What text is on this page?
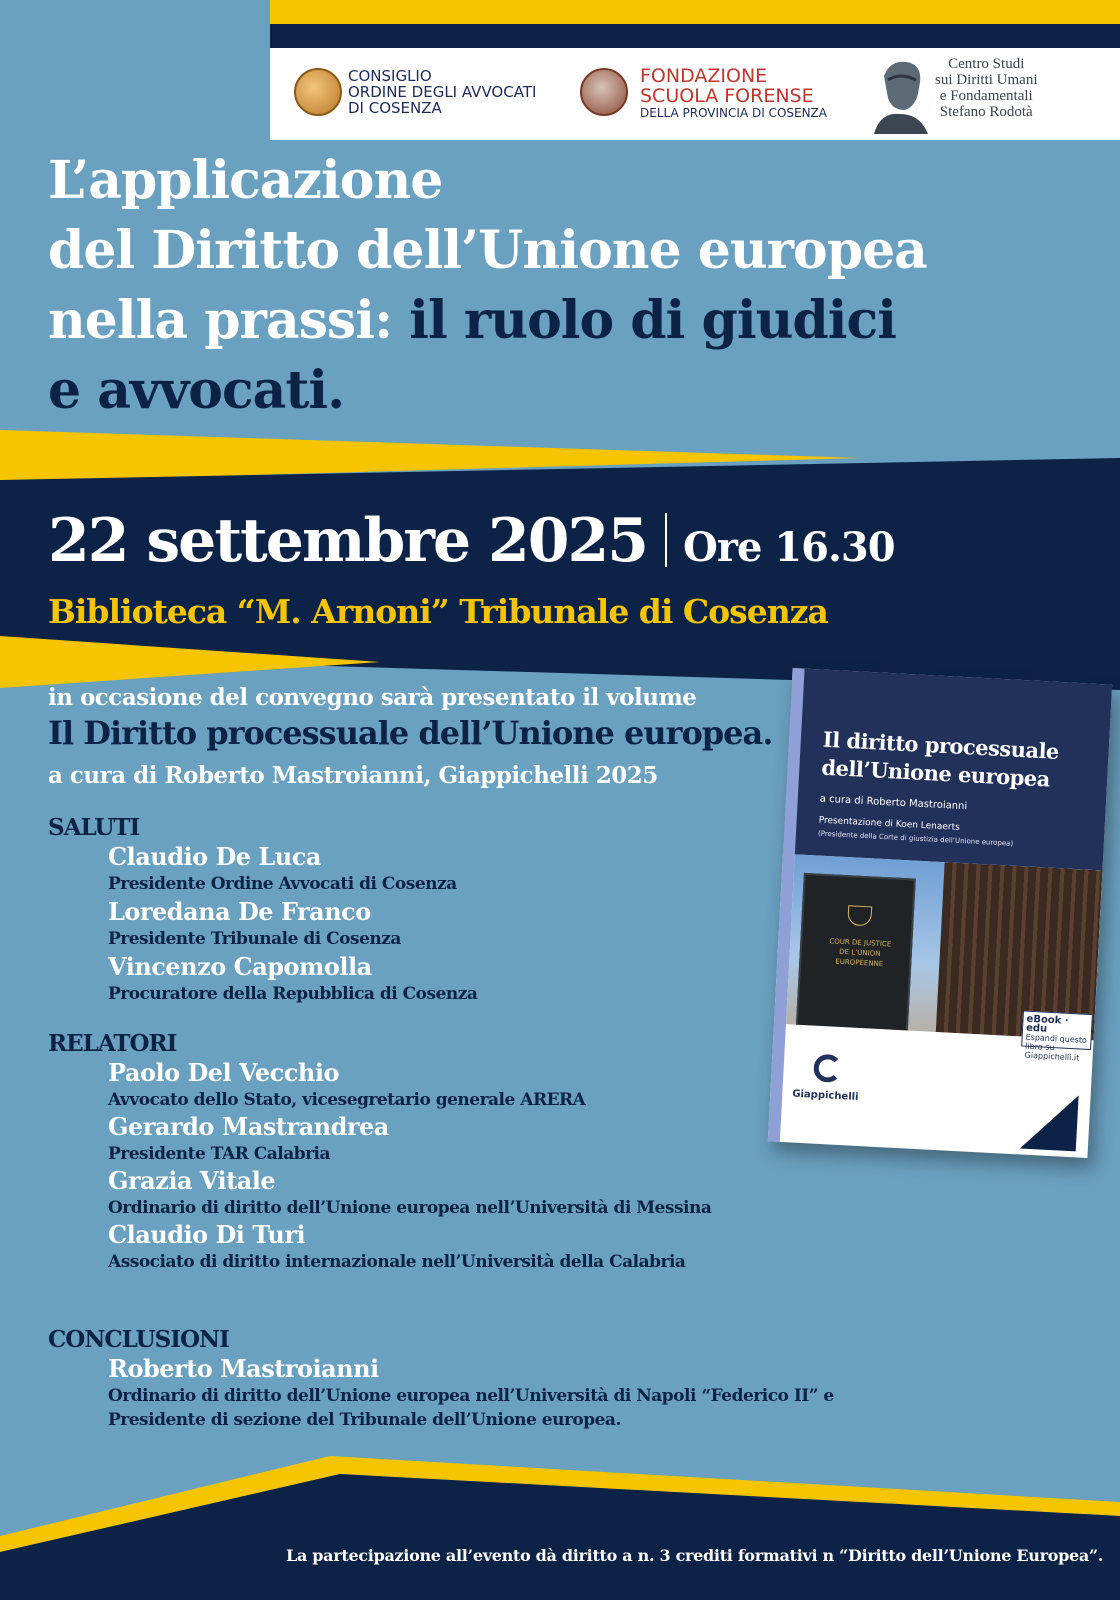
CONSIGLIO
ORDINE DEGLI AVVOCATI
DI COSENZA
FONDAZIONE
SCUOLA FORENSE
DELLA PROVINCIA DI COSENZA
Centro Studi
sui Diritti Umani
e Fondamentali
Stefano Rodotà
L’applicazione
del Diritto dell’Unione europea
nella prassi: il ruolo di giudici
e avvocati.
22 settembre 2025 Ore 16.30
Biblioteca “M. Arnoni” Tribunale di Cosenza
in occasione del convegno sarà presentato il volume
Il Diritto processuale dell’Unione europea.
a cura di Roberto Mastroianni, Giappichelli 2025
SALUTI
Claudio De Luca
Presidente Ordine Avvocati di Cosenza
Loredana De Franco
Presidente Tribunale di Cosenza
Vincenzo Capomolla
Procuratore della Repubblica di Cosenza
RELATORI
Paolo Del Vecchio
Avvocato dello Stato, vicesegretario generale ARERA
Gerardo Mastrandrea
Presidente TAR Calabria
Grazia Vitale
Ordinario di diritto dell’Unione europea nell’Università di Messina
Claudio Di Turi
Associato di diritto internazionale nell’Università della Calabria
CONCLUSIONI
Roberto Mastroianni
Ordinario di diritto dell’Unione europea nell’Università di Napoli “Federico II” e
Presidente di sezione del Tribunale dell’Unione europea.
La partecipazione all’evento dà diritto a n. 3 crediti formativi n “Diritto dell’Unione Europea”.
Il diritto processuale
dell’Unione europea
a cura di Roberto Mastroianni
Presentazione di Koen Lenaerts
(Presidente della Corte di giustizia dell’Unione europea)
COUR DE JUSTICE
DE L’UNION
EUROPÉENNE
eBook · edu
Espandi questo libro su Giappichelli.it
Giappichelli
